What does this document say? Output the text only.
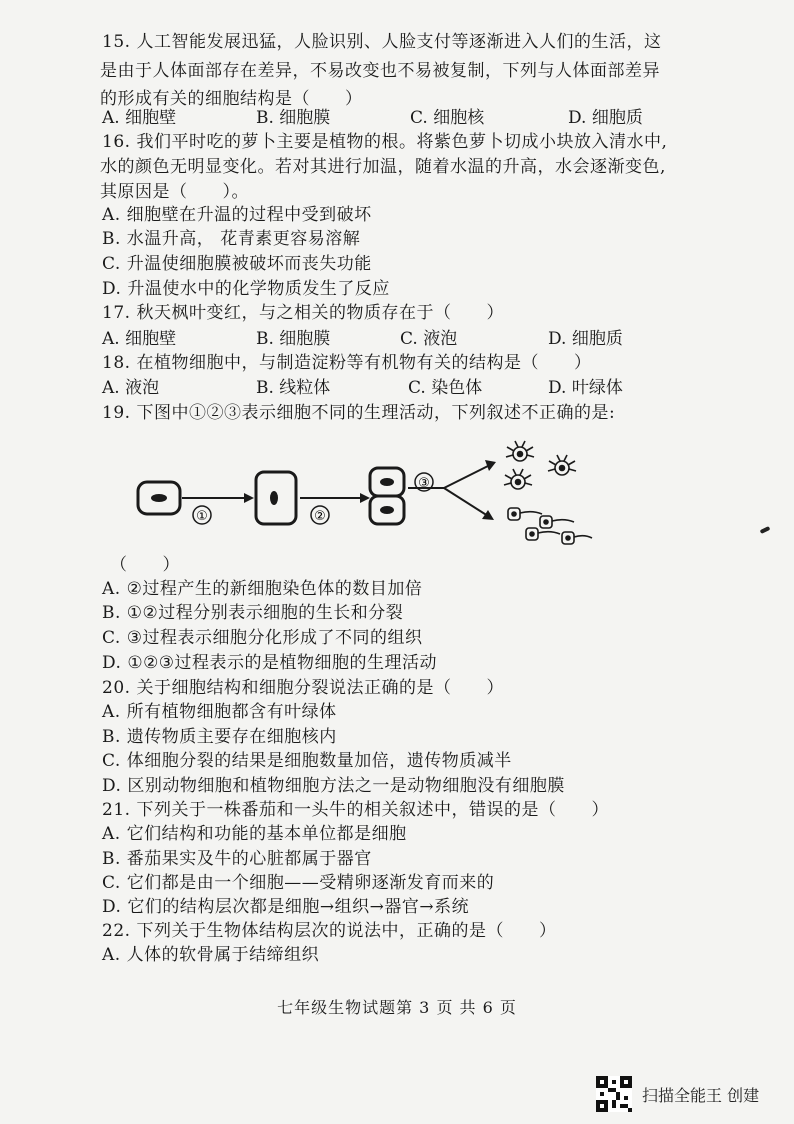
15. 人工智能发展迅猛，人脸识别、人脸支付等逐渐进入人们的生活，这
是由于人体面部存在差异，不易改变也不易被复制，下列与人体面部差异
的形成有关的细胞结构是（　　）
A. 细胞壁	B. 细胞膜	C. 细胞核	D. 细胞质
16. 我们平时吃的萝卜主要是植物的根。将紫色萝卜切成小块放入清水中,
水的颜色无明显变化。若对其进行加温，随着水温的升高，水会逐渐变色,
其原因是（　　）。
A. 细胞壁在升温的过程中受到破坏
B. 水温升高， 花青素更容易溶解
C. 升温使细胞膜被破坏而丧失功能
D. 升温使水中的化学物质发生了反应
17. 秋天枫叶变红，与之相关的物质存在于（　　）
A. 细胞壁	B. 细胞膜	C. 液泡	D. 细胞质
18. 在植物细胞中，与制造淀粉等有机物有关的结构是（　　）
A. 液泡	B. 线粒体	C. 染色体	D. 叶绿体
19. 下图中①②③表示细胞不同的生理活动，下列叙述不正确的是:
①	②
③
（　　）
A. ②过程产生的新细胞染色体的数目加倍
B. ①②过程分别表示细胞的生长和分裂
C. ③过程表示细胞分化形成了不同的组织
D. ①②③过程表示的是植物细胞的生理活动
20. 关于细胞结构和细胞分裂说法正确的是（　　）
A. 所有植物细胞都含有叶绿体
B. 遗传物质主要存在细胞核内
C. 体细胞分裂的结果是细胞数量加倍，遗传物质减半
D. 区别动物细胞和植物细胞方法之一是动物细胞没有细胞膜
21. 下列关于一株番茄和一头牛的相关叙述中，错误的是（　　）
A. 它们结构和功能的基本单位都是细胞
B. 番茄果实及牛的心脏都属于器官
C. 它们都是由一个细胞——受精卵逐渐发育而来的
D. 它们的结构层次都是细胞→组织→器官→系统
22. 下列关于生物体结构层次的说法中，正确的是（　　）
A. 人体的软骨属于结缔组织
七年级生物试题第 3 页 共 6 页
扫描全能王 创建
